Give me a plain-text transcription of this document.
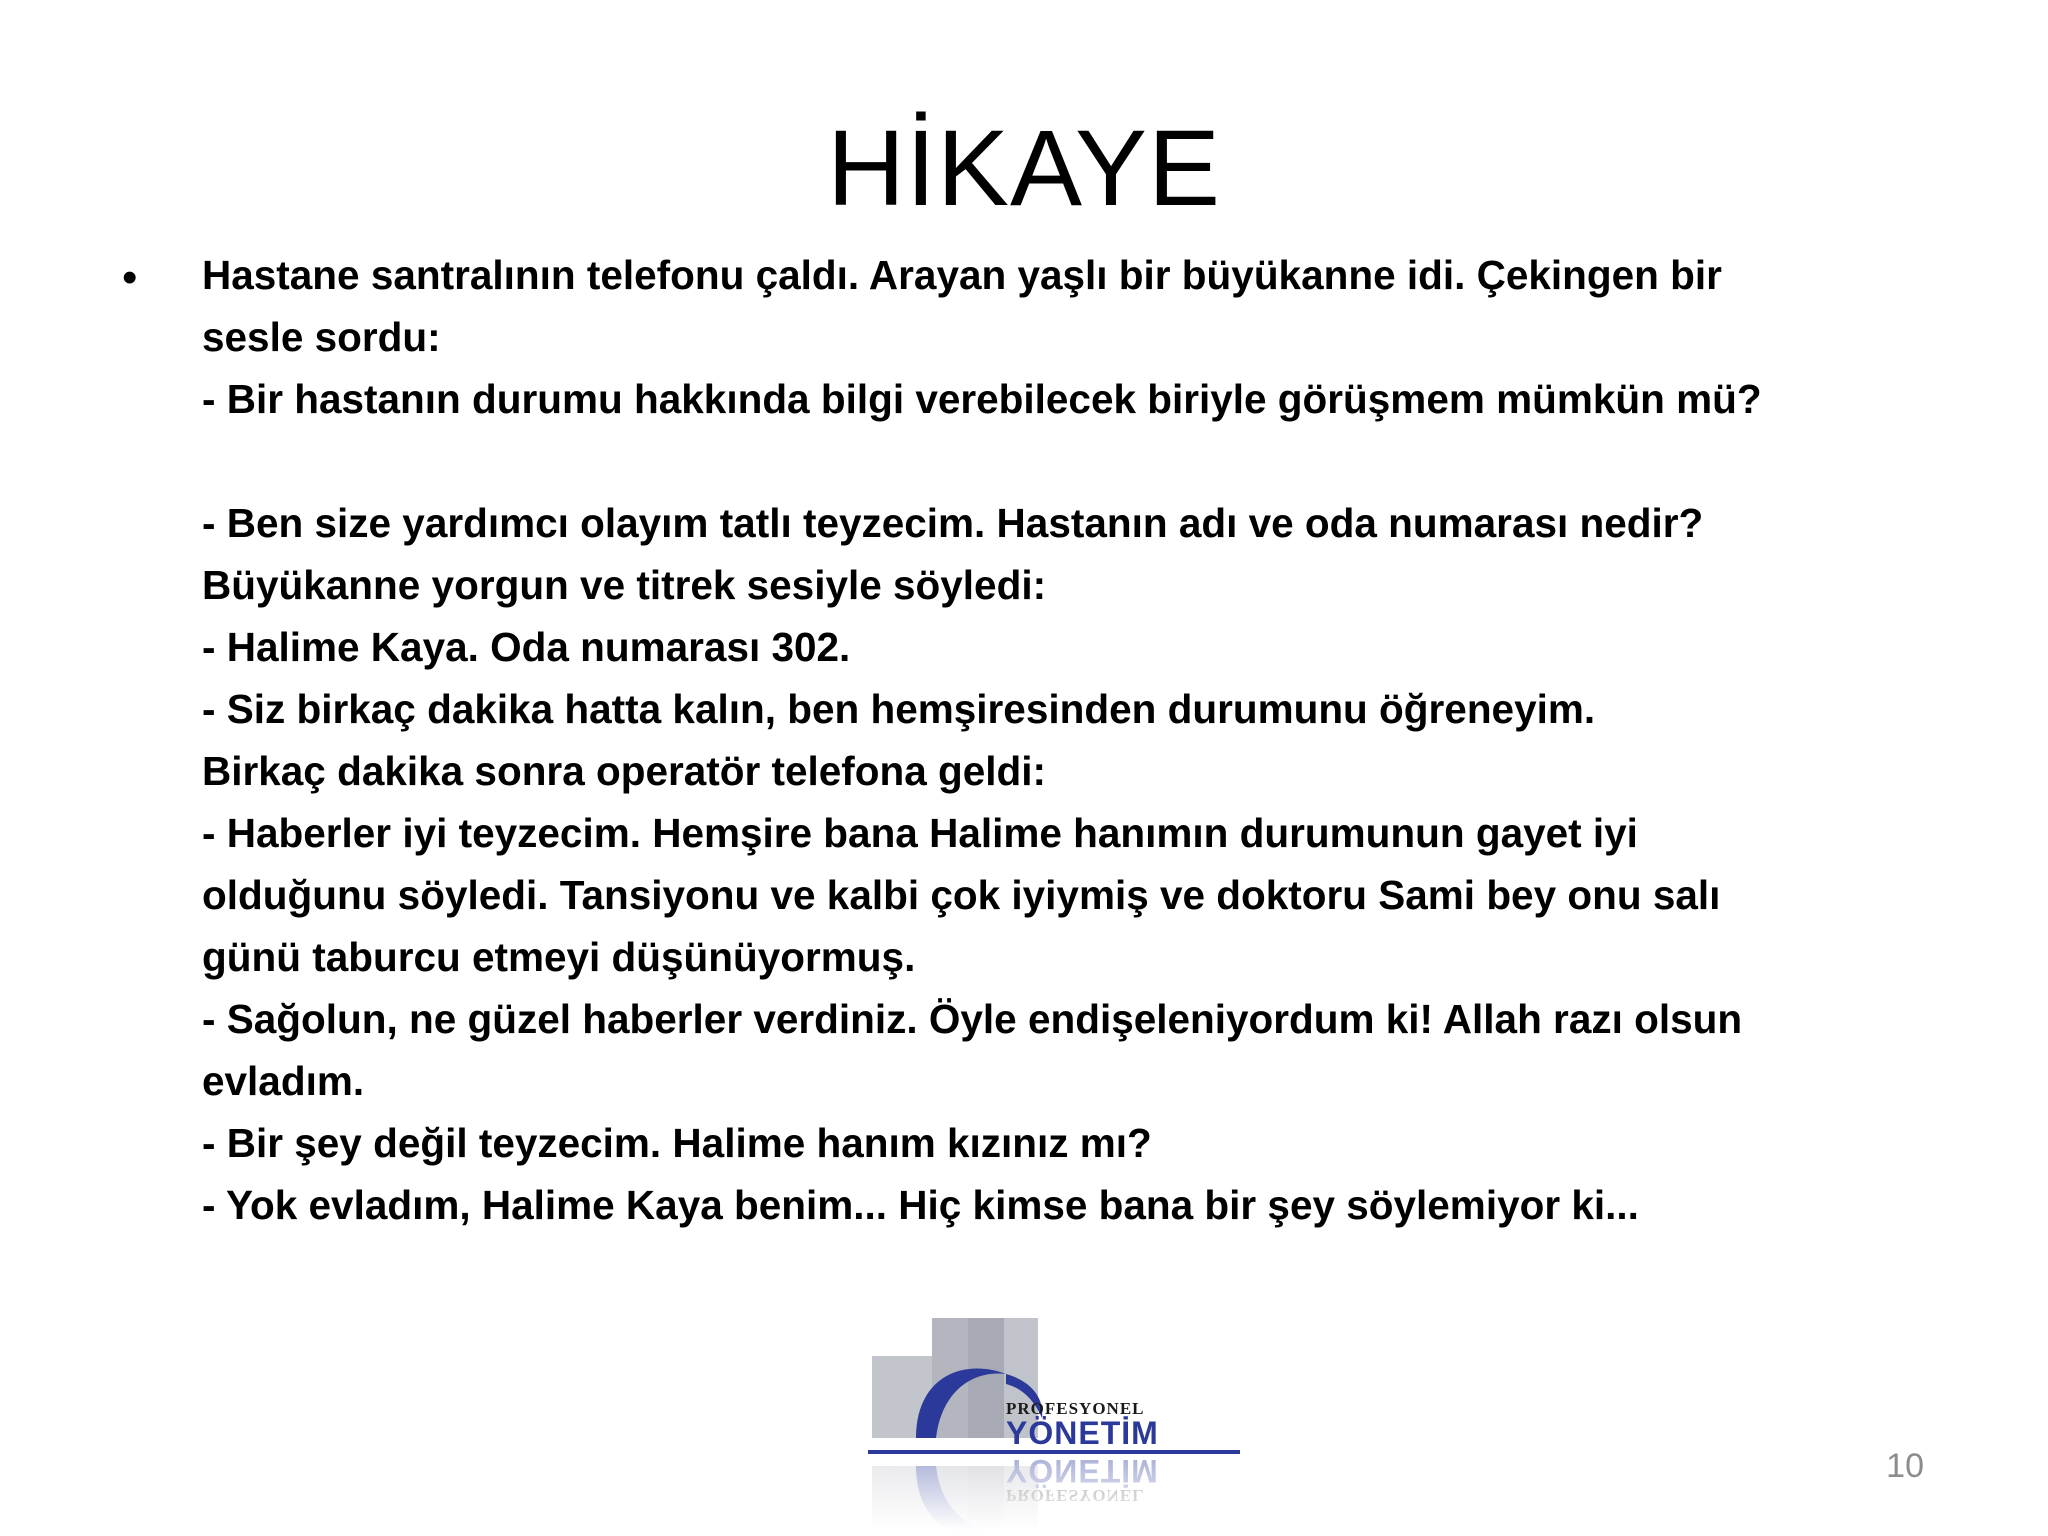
HİKAYE
• Hastane santralının telefonu çaldı. Arayan yaşlı bir büyükanne idi. Çekingen bir
sesle sordu:
- Bir hastanın durumu hakkında bilgi verebilecek biriyle görüşmem mümkün mü?
- Ben size yardımcı olayım tatlı teyzecim. Hastanın adı ve oda numarası nedir?
Büyükanne yorgun ve titrek sesiyle söyledi:
- Halime Kaya. Oda numarası 302.
- Siz birkaç dakika hatta kalın, ben hemşiresinden durumunu öğreneyim.
Birkaç dakika sonra operatör telefona geldi:
- Haberler iyi teyzecim. Hemşire bana Halime hanımın durumunun gayet iyi
olduğunu söyledi. Tansiyonu ve kalbi çok iyiymiş ve doktoru Sami bey onu salı
günü taburcu etmeyi düşünüyormuş.
- Sağolun, ne güzel haberler verdiniz. Öyle endişeleniyordum ki! Allah razı olsun
evladım.
- Bir şey değil teyzecim. Halime hanım kızınız mı?
- Yok evladım, Halime Kaya benim... Hiç kimse bana bir şey söylemiyor ki...
PROFESYONEL
YÖNETİM
10
